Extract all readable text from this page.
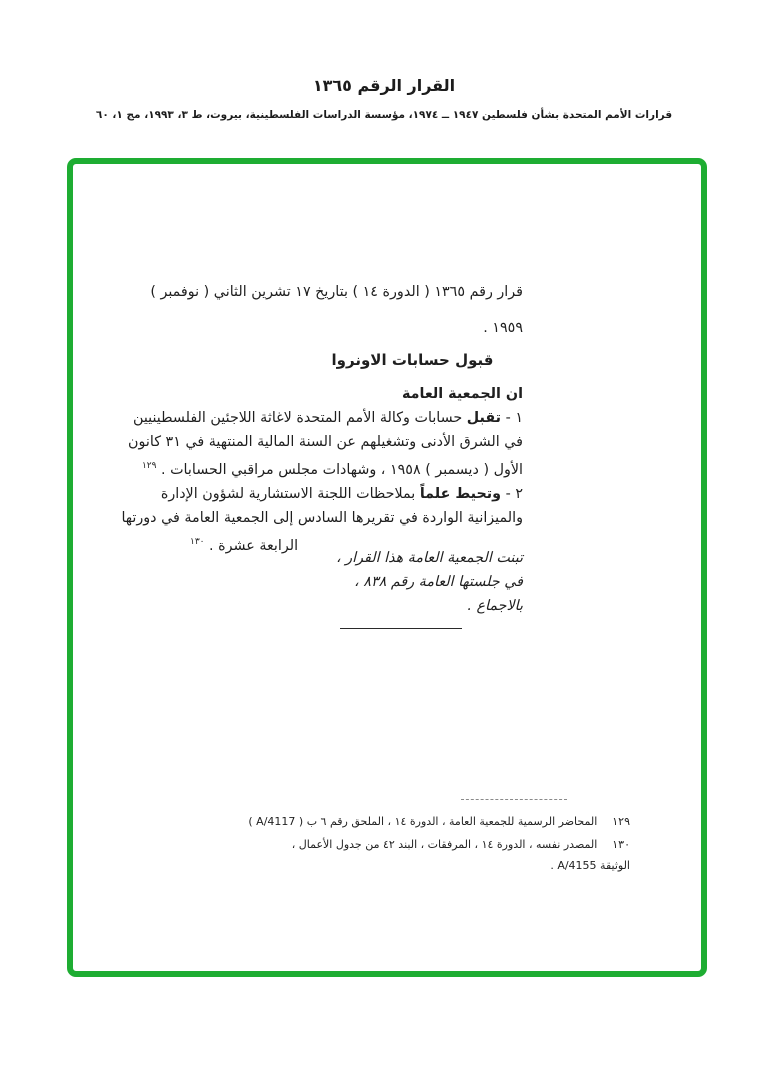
القرار الرقم ١٣٦٥
قرارات الأمم المتحدة بشأن فلسطين ١٩٤٧ ــ ١٩٧٤، مؤسسة الدراسات الفلسطينية، بيروت، ط ٣، ١٩٩٣، مج ١، ٦٠
قرار رقم ١٣٦٥ ( الدورة ١٤ ) بتاريخ ١٧ تشرين الثاني ( نوفمبر )
١٩٥٩ .
قبول حسابات الاونروا
ان الجمعية العامة
١ - تقبل حسابات وكالة الأمم المتحدة لاغاثة اللاجئين الفلسطينيين
في الشرق الأدنى وتشغيلهم عن السنة المالية المنتهية في ٣١ كانون
الأول ( ديسمبر ) ١٩٥٨ ، وشهادات مجلس مراقبي الحسابات . $^{١٢٩}$
٢ - وتحيط علماً بملاحظات اللجنة الاستشارية لشؤون الإدارة
والميزانية الواردة في تقريرها السادس إلى الجمعية العامة في دورتها
الرابعة عشرة . $^{١٣٠}$
تبنت الجمعية العامة هذا القرار ،
في جلستها العامة رقم ٨٣٨ ،
بالاجماع .
١٢٩المحاضر الرسمية للجمعية العامة ، الدورة ١٤ ، الملحق رقم ٦ ب ( A/4117 )
١٣٠المصدر نفسه ، الدورة ١٤ ، المرفقات ، البند ٤٢ من جدول الأعمال ،
الوثيقة A/4155 .
